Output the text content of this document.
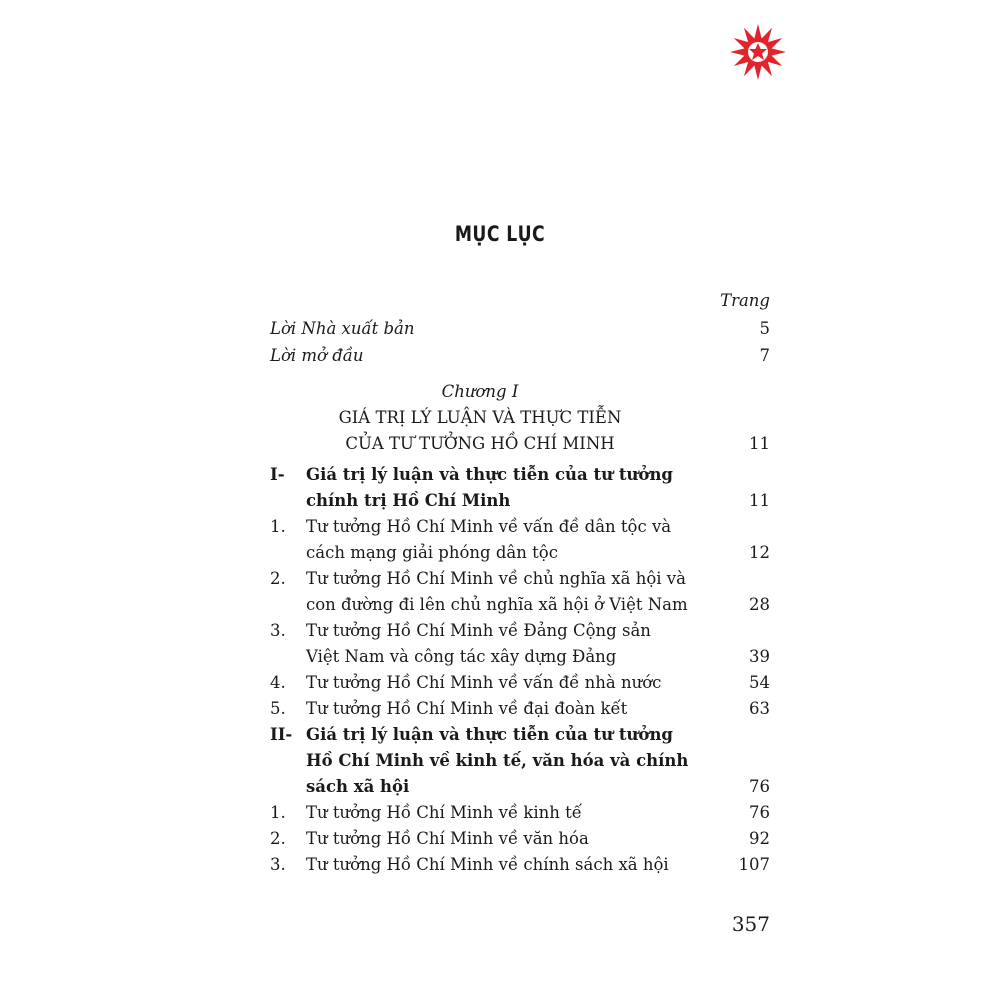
MỤC LỤC
Trang
Lời Nhà xuất bản	5
Lời mở đầu	7
Chương I
GIÁ TRỊ LÝ LUẬN VÀ THỰC TIỄN
CỦA TƯ TƯỞNG HỒ CHÍ MINH	11
I- Giá trị lý luận và thực tiễn của tư tưởng
chính trị Hồ Chí Minh	11
1. Tư tưởng Hồ Chí Minh về vấn đề dân tộc và
cách mạng giải phóng dân tộc	12
2. Tư tưởng Hồ Chí Minh về chủ nghĩa xã hội và
con đường đi lên chủ nghĩa xã hội ở Việt Nam	28
3. Tư tưởng Hồ Chí Minh về Đảng Cộng sản
Việt Nam và công tác xây dựng Đảng	39
4. Tư tưởng Hồ Chí Minh về vấn đề nhà nước	54
5. Tư tưởng Hồ Chí Minh về đại đoàn kết	63
II- Giá trị lý luận và thực tiễn của tư tưởng
Hồ Chí Minh về kinh tế, văn hóa và chính
sách xã hội	76
1. Tư tưởng Hồ Chí Minh về kinh tế	76
2. Tư tưởng Hồ Chí Minh về văn hóa	92
3. Tư tưởng Hồ Chí Minh về chính sách xã hội	107
357
